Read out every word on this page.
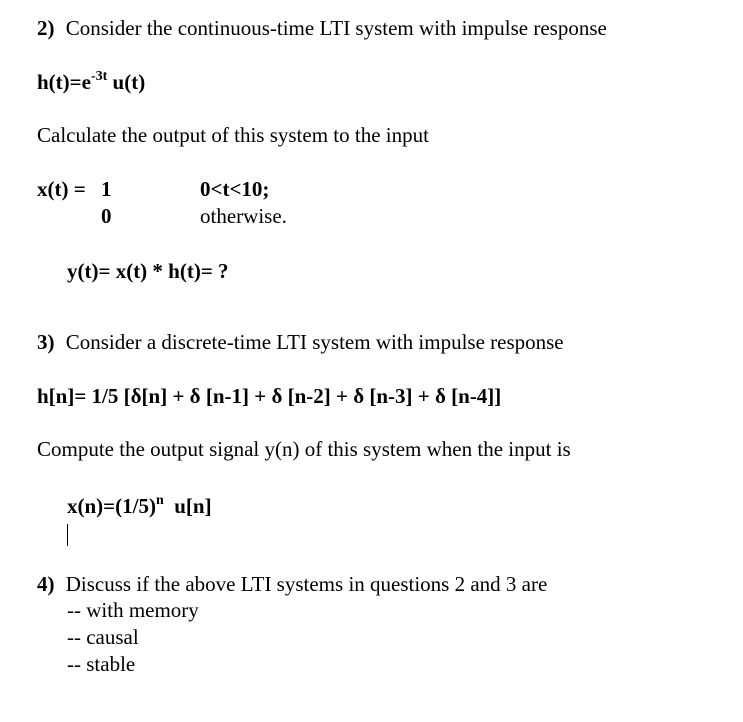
2) Consider the continuous-time LTI system with impulse response
$h(t)=e^{-3t}$ u(t)
Calculate the output of this system to the input
x(t) = 1	0<t<10;
0	otherwise.
y(t)= x(t) * h(t)= ?
3) Consider a discrete-time LTI system with impulse response
h[n]= 1/5 [δ[n] + δ [n-1] + δ [n-2] + δ [n-3] + δ [n-4]]
Compute the output signal y(n) of this system when the input is
$x(n)=(1/5)^n$  u[n]
4) Discuss if the above LTI systems in questions 2 and 3 are
-- with memory
-- causal
-- stable
